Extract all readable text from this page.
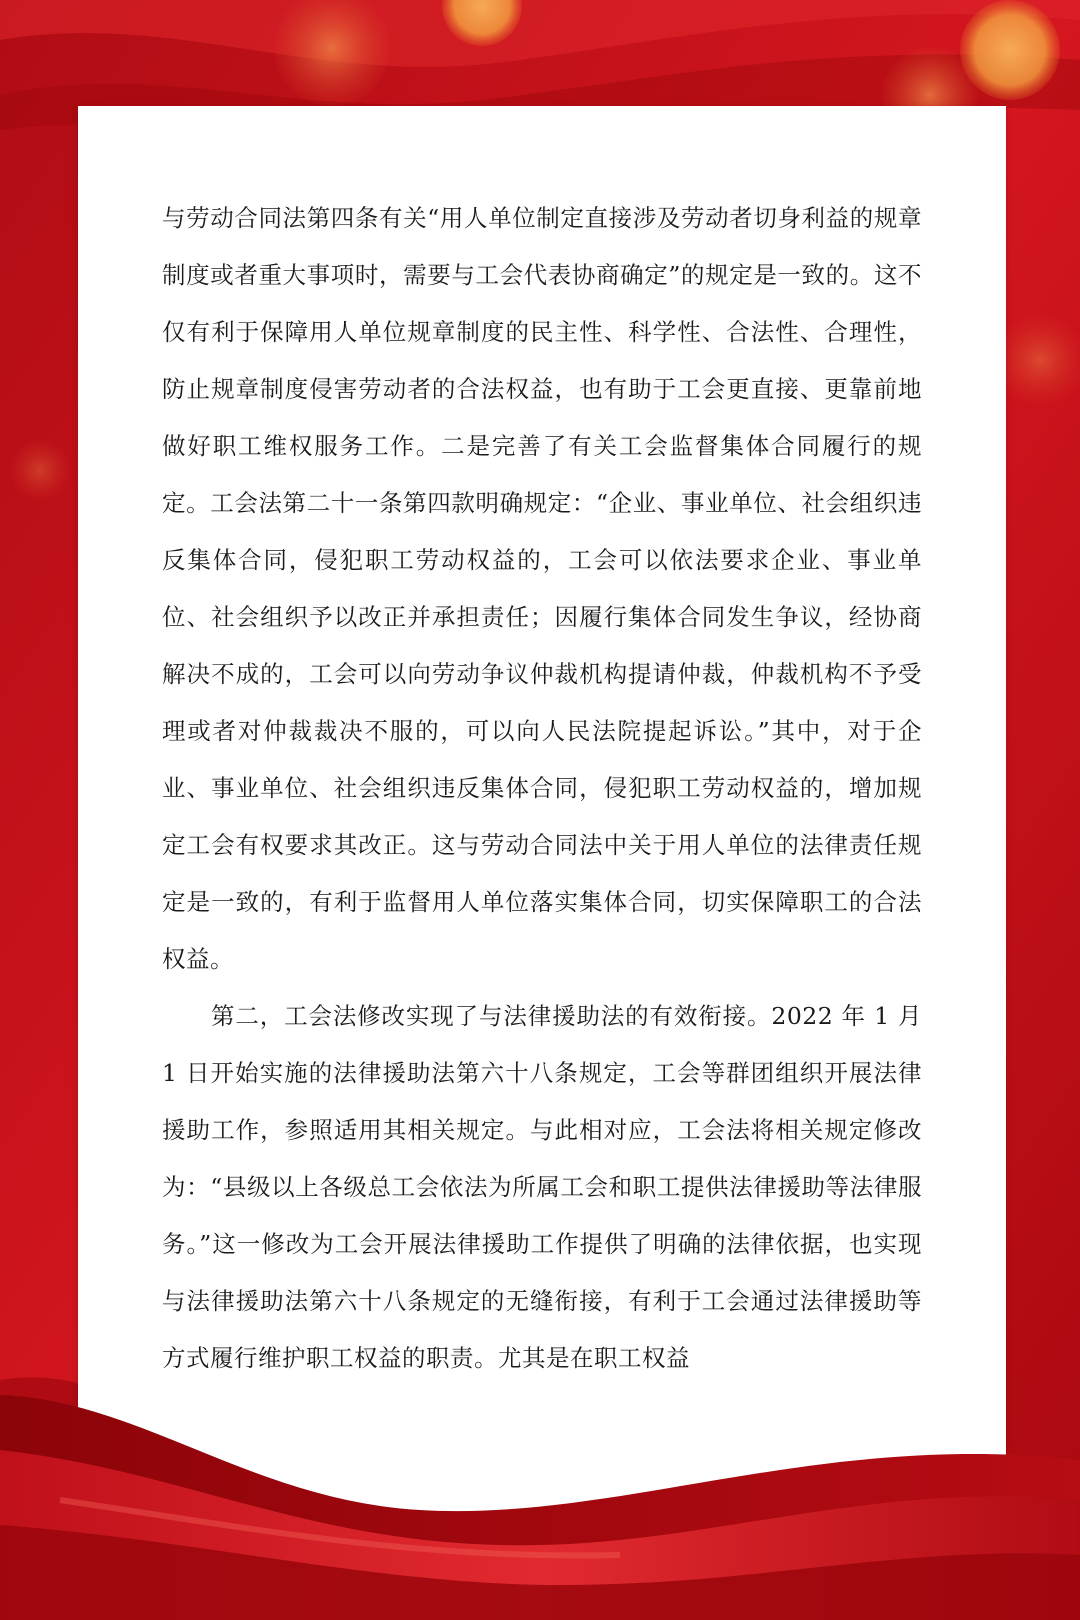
与劳动合同法第四条有关“用人单位制定直接涉及劳动者切身利益的规章制度或者重大事项时，需要与工会代表协商确定”的规定是一致的。这不仅有利于保障用人单位规章制度的民主性、科学性、合法性、合理性，防止规章制度侵害劳动者的合法权益，也有助于工会更直接、更靠前地做好职工维权服务工作。二是完善了有关工会监督集体合同履行的规定。工会法第二十一条第四款明确规定：“企业、事业单位、社会组织违反集体合同，侵犯职工劳动权益的，工会可以依法要求企业、事业单位、社会组织予以改正并承担责任；因履行集体合同发生争议，经协商解决不成的，工会可以向劳动争议仲裁机构提请仲裁，仲裁机构不予受理或者对仲裁裁决不服的，可以向人民法院提起诉讼。”其中，对于企业、事业单位、社会组织违反集体合同，侵犯职工劳动权益的，增加规定工会有权要求其改正。这与劳动合同法中关于用人单位的法律责任规定是一致的，有利于监督用人单位落实集体合同，切实保障职工的合法权益。

第二，工会法修改实现了与法律援助法的有效衔接。2022 年 1 月 1 日开始实施的法律援助法第六十八条规定，工会等群团组织开展法律援助工作，参照适用其相关规定。与此相对应，工会法将相关规定修改为：“县级以上各级总工会依法为所属工会和职工提供法律援助等法律服务。”这一修改为工会开展法律援助工作提供了明确的法律依据，也实现与法律援助法第六十八条规定的无缝衔接，有利于工会通过法律援助等方式履行维护职工权益的职责。尤其是在职工权益
